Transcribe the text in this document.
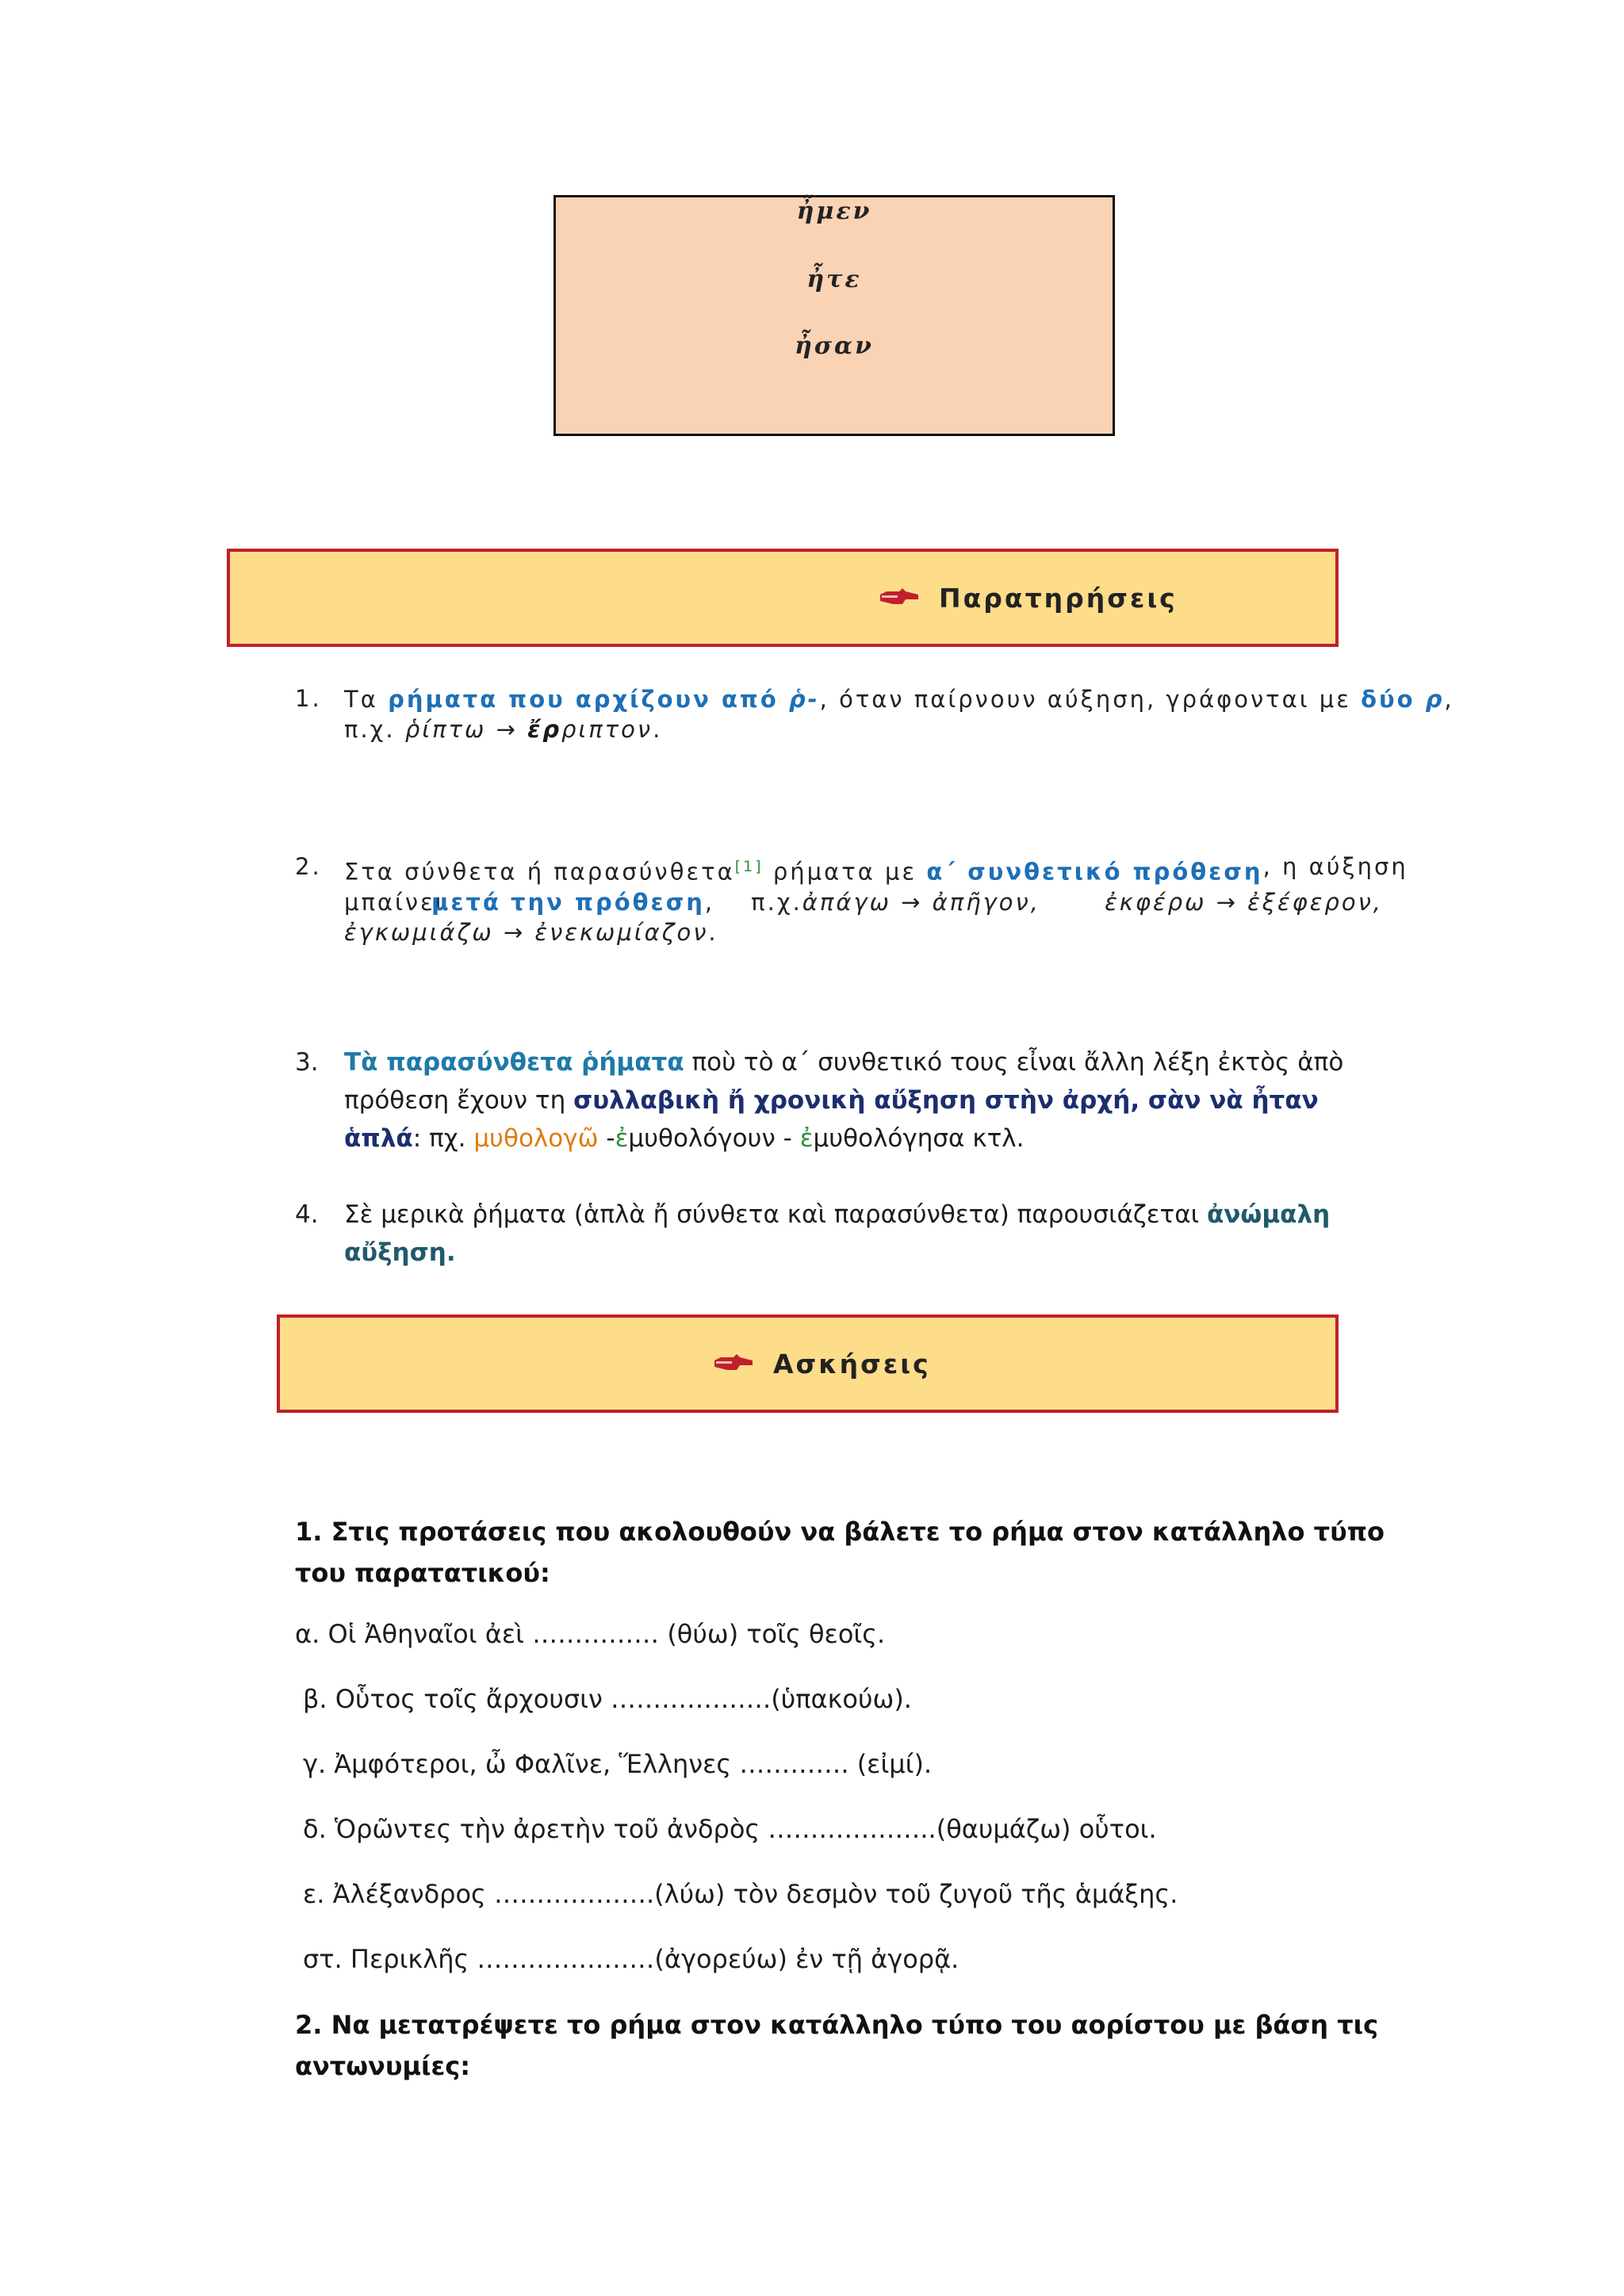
ἦμεν
ἦτε
ἦσαν
Παρατηρήσεις
1. Τα ρήματα που αρχίζουν από ῥ-, όταν παίρνουν αύξηση, γράφονται με δύο ρ,
π.χ. ῥίπτω → ἔρριπτον.
2. Στα σύνθετα ή παρασύνθετα[1] ρήματα με α΄ συνθετικό πρόθεση , η αύξηση
μπαίνει
μετά την πρόθεση , π.χ. ἀπάγω → ἀπῆγον,	ἐκφέρω → ἐξέφερον,
ἐγκωμιάζω → ἐνεκωμίαζον.
3. Τὰ παρασύνθετα ῥήματα ποὺ τὸ α΄ συνθετικό τους εἶναι ἄλλη λέξη ἐκτὸς ἀπὸ
πρόθεση ἔχουν τη συλλαβικὴ ἤ χρονικὴ αὔξηση στὴν ἀρχή, σὰν νὰ ἦταν
ἁπλά: πχ. μυθολογῶ -ἐμυθολόγουν - ἐμυθολόγησα κτλ.
4. Σὲ μερικὰ ῥήματα (ἁπλὰ ἤ σύνθετα καὶ παρασύνθετα) παρουσιάζεται ἀνώμαλη
αὔξηση.
Ασκήσεις
1. Στις προτάσεις που ακολουθούν να βάλετε το ρήμα στον κατάλληλο τύπο του παρατατικού:
α. Οἱ Ἀθηναῖοι ἀεὶ …………… (θύω) τοῖς θεοῖς.
β. Οὗτος τοῖς ἄρχουσιν ……………….(ὑπακούω).
γ. Ἀμφότεροι, ὦ Φαλῖνε, Ἕλληνες …………. (εἰμί).
δ. Ὁρῶντες τὴν ἀρετὴν τοῦ ἀνδρὸς ………………..(θαυμάζω) οὗτοι.
ε. Ἀλέξανδρος ……………….(λύω) τὸν δεσμὸν τοῦ ζυγοῦ τῆς ἁμάξης.
στ. Περικλῆς …………………(ἀγορεύω) ἐν τῇ ἀγορᾷ.
2. Να μετατρέψετε το ρήμα στον κατάλληλο τύπο του αορίστου με βάση τις αντωνυμίες:
